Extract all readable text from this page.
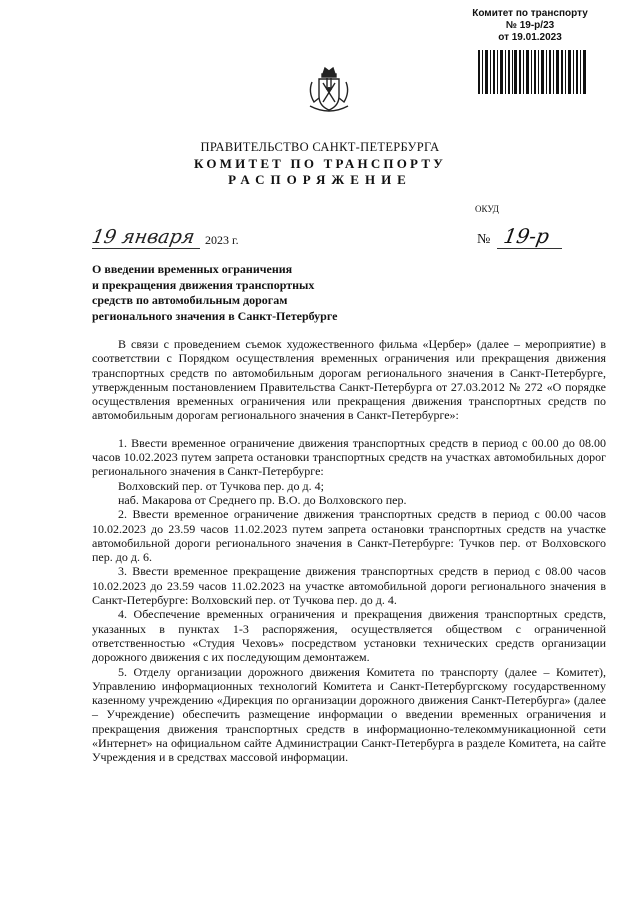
Комитет по транспорту
№ 19-р/23
от 19.01.2023
ПРАВИТЕЛЬСТВО САНКТ-ПЕТЕРБУРГА
КОМИТЕТ ПО ТРАНСПОРТУ
РАСПОРЯЖЕНИЕ
ОКУД
19 января 2023 г.	№ 19-р
О введении временных ограничения
и прекращения движения транспортных
средств по автомобильным дорогам
регионального значения в Санкт-Петербурге

В связи с проведением съемок художественного фильма «Цербер» (далее – мероприятие) в соответствии с Порядком осуществления временных ограничения или прекращения движения транспортных средств по автомобильным дорогам регионального значения в Санкт-Петербурге, утвержденным постановлением Правительства Санкт-Петербурга от 27.03.2012 № 272 «О порядке осуществления временных ограничения или прекращения движения транспортных средств по автомобильным дорогам регионального значения в Санкт-Петербурге»:

1. Ввести временное ограничение движения транспортных средств в период с 00.00 до 08.00 часов 10.02.2023 путем запрета остановки транспортных средств на участках автомобильных дорог регионального значения в Санкт-Петербурге:

Волховский пер. от Тучкова пер. до д. 4;

наб. Макарова от Среднего пр. В.О. до Волховского пер.

2. Ввести временное ограничение движения транспортных средств в период с 00.00 часов 10.02.2023 до 23.59 часов 11.02.2023 путем запрета остановки транспортных средств на участке автомобильной дороги регионального значения в Санкт-Петербурге: Тучков пер. от Волховского пер. до д. 6.

3. Ввести временное прекращение движения транспортных средств в период с 08.00 часов 10.02.2023 до 23.59 часов 11.02.2023 на участке автомобильной дороги регионального значения в Санкт-Петербурге: Волховский пер. от Тучкова пер. до д. 4.

4. Обеспечение временных ограничения и прекращения движения транспортных средств, указанных в пунктах 1-3 распоряжения, осуществляется обществом с ограниченной ответственностью «Студия Чеховъ» посредством установки технических средств организации дорожного движения с их последующим демонтажем.

5. Отделу организации дорожного движения Комитета по транспорту (далее – Комитет), Управлению информационных технологий Комитета и Санкт-Петербургскому государственному казенному учреждению «Дирекция по организации дорожного движения Санкт-Петербурга» (далее – Учреждение) обеспечить размещение информации о введении временных ограничения и прекращения движения транспортных средств в информационно-телекоммуникационной сети «Интернет» на официальном сайте Администрации Санкт-Петербурга в разделе Комитета, на сайте Учреждения и в средствах массовой информации.
